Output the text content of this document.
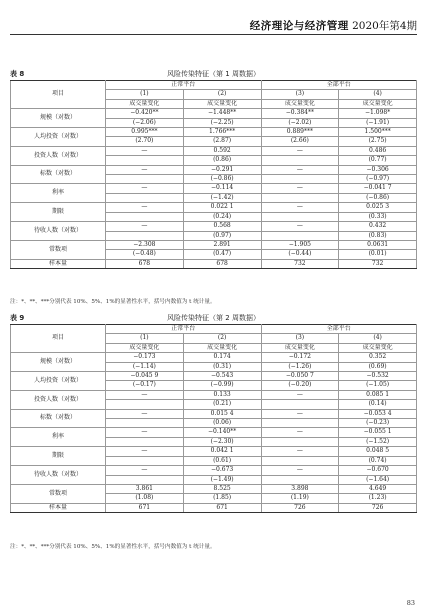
经济理论与经济管理 2020年第4期
表 8	风险传染特征（第 1 周数据）
项目	正常平台		全部平台	
	(1)	(2)	(3)	(4)
	成交量变化	成交量变化	成交量变化	成交量变化
规模（对数）	−0.420**	−1.448**	−0.384**	−1.098*
	(−2.06)	(−2.25)	(−2.02)	(−1.91)
人均投资（对数）	0.995***	1.766***	0.889***	1.500***
	(2.70)	(2.87)	(2.66)	(2.75)
投资人数（对数）	—	0.592	—	0.486
		(0.86)		(0.77)
标数（对数）	—	−0.291	—	−0.306
		(−0.86)		(−0.97)
利率	—	−0.114	—	−0.041 7
		(−1.42)		(−0.86)
期限	—	0.022 1	—	0.025 3
		(0.24)		(0.33)
待收人数（对数）	—	0.568	—	0.432
		(0.97)		(0.83)
常数项	−2.308	2.891	−1.905	0.0631
	(−0.48)	(0.47)	(−0.44)	(0.01)
样本量	678	678	732	732
注：*、**、***分别代表 10%、5%、1%的显著性水平，括号内数值为 t 统计量。
表 9	风险传染特征（第 2 周数据）
项目	正常平台		全部平台	
	(1)	(2)	(3)	(4)
	成交量变化	成交量变化	成交量变化	成交量变化
规模（对数）	−0.173	0.174	−0.172	0.352
	(−1.14)	(0.31)	(−1.26)	(0.69)
人均投资（对数）	−0.045 9	−0.543	−0.050 7	−0.532
	(−0.17)	(−0.99)	(−0.20)	(−1.05)
投资人数（对数）	—	0.133	—	0.085 1
		(0.21)		(0.14)
标数（对数）	—	0.015 4	—	−0.053 4
		(0.06)		(−0.23)
利率	—	−0.140**	—	−0.055 1
		(−2.30)		(−1.52)
期限	—	0.042 1	—	0.048 5
		(0.61)		(0.74)
待收人数（对数）	—	−0.673	—	−0.670
		(−1.49)		(−1.64)
常数项	3.861	8.525	3.898	4.649
	(1.08)	(1.85)	(1.19)	(1.23)
样本量	671	671	726	726
注：*、**、***分别代表 10%、5%、1%的显著性水平，括号内数值为 t 统计量。
83
